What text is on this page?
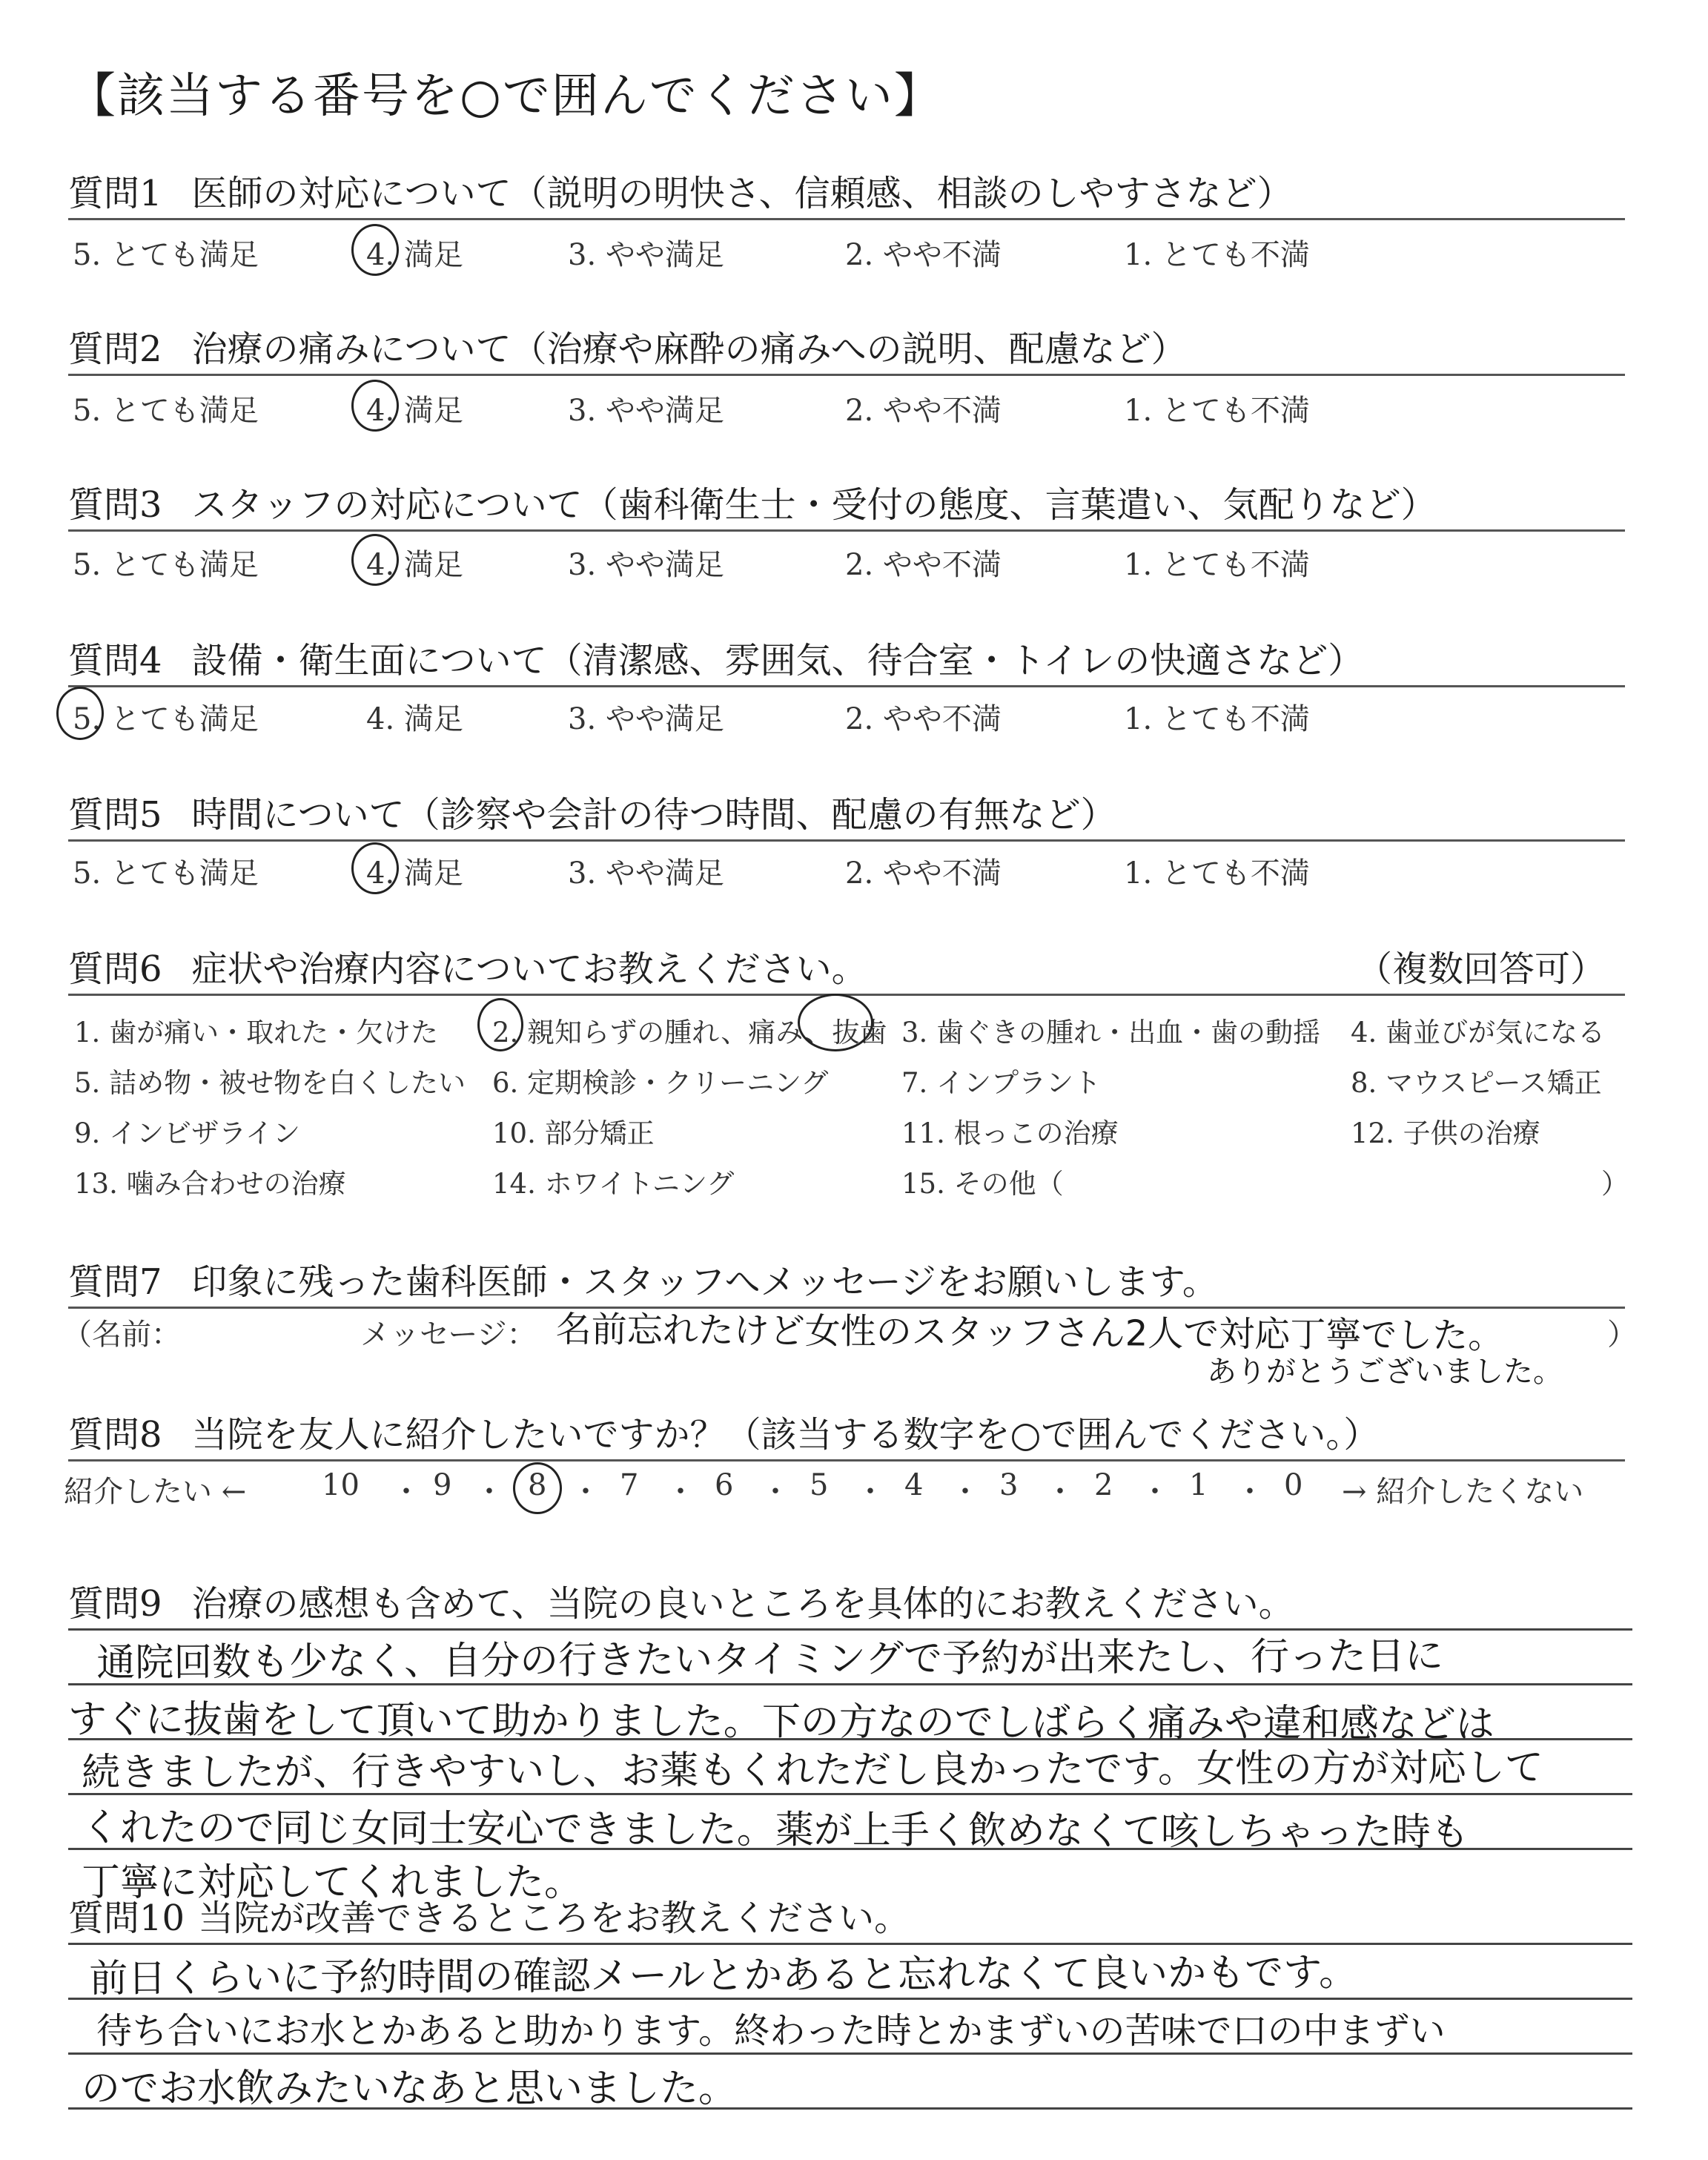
【該当する番号を○で囲んでください】
質問1 医師の対応について（説明の明快さ、信頼感、相談のしやすさなど）
5. とても満足	4. 満足	3. やや満足	2. やや不満	1. とても不満
質問2 治療の痛みについて（治療や麻酔の痛みへの説明、配慮など）
5. とても満足	4. 満足	3. やや満足	2. やや不満	1. とても不満
質問3 スタッフの対応について（歯科衛生士・受付の態度、言葉遣い、気配りなど）
5. とても満足	4. 満足	3. やや満足	2. やや不満	1. とても不満
質問4 設備・衛生面について（清潔感、雰囲気、待合室・トイレの快適さなど）
5. とても満足	4. 満足	3. やや満足	2. やや不満	1. とても不満
質問5 時間について（診察や会計の待つ時間、配慮の有無など）
5. とても満足	4. 満足	3. やや満足	2. やや不満	1. とても不満
質問6 症状や治療内容についてお教えください。	（複数回答可）
1. 歯が痛い・取れた・欠けた 2. 親知らずの腫れ、痛み、抜歯 3. 歯ぐきの腫れ・出血・歯の動揺 4. 歯並びが気になる
5. 詰め物・被せ物を白くしたい 6. 定期検診・クリーニング	7. インプラント	8. マウスピース矯正
9. インビザライン	10. 部分矯正	11. 根っこの治療	12. 子供の治療
13. 噛み合わせの治療	14. ホワイトニング	15. その他（	）
質問7 印象に残った歯科医師・スタッフへメッセージをお願いします。
（名前：	メッセージ： 名前忘れたけど女性のスタッフさん2人で対応丁寧でした。
ありがとうございました。
）
質問8 当院を友人に紹介したいですか？（該当する数字を○で囲んでください。）
紹介したい ←	10 ・ 9 ・ 8 ・ 7 ・ 6 ・ 5 ・ 4 ・ 3 ・ 2 ・ 1 ・ 0 → 紹介したくない
質問9 治療の感想も含めて、当院の良いところを具体的にお教えください。
通院回数も少なく、自分の行きたいタイミングで予約が出来たし、行った日に
すぐに抜歯をして頂いて助かりました。下の方なのでしばらく痛みや違和感などは
続きましたが、行きやすいし、お薬もくれただし良かったです。女性の方が対応して
くれたので同じ女同士安心できました。薬が上手く飲めなくて咳しちゃった時も
丁寧に対応してくれました。
質問10 当院が改善できるところをお教えください。
前日くらいに予約時間の確認メールとかあると忘れなくて良いかもです。
待ち合いにお水とかあると助かります。終わった時とかまずいの苦味で口の中まずい
のでお水飲みたいなあと思いました。
